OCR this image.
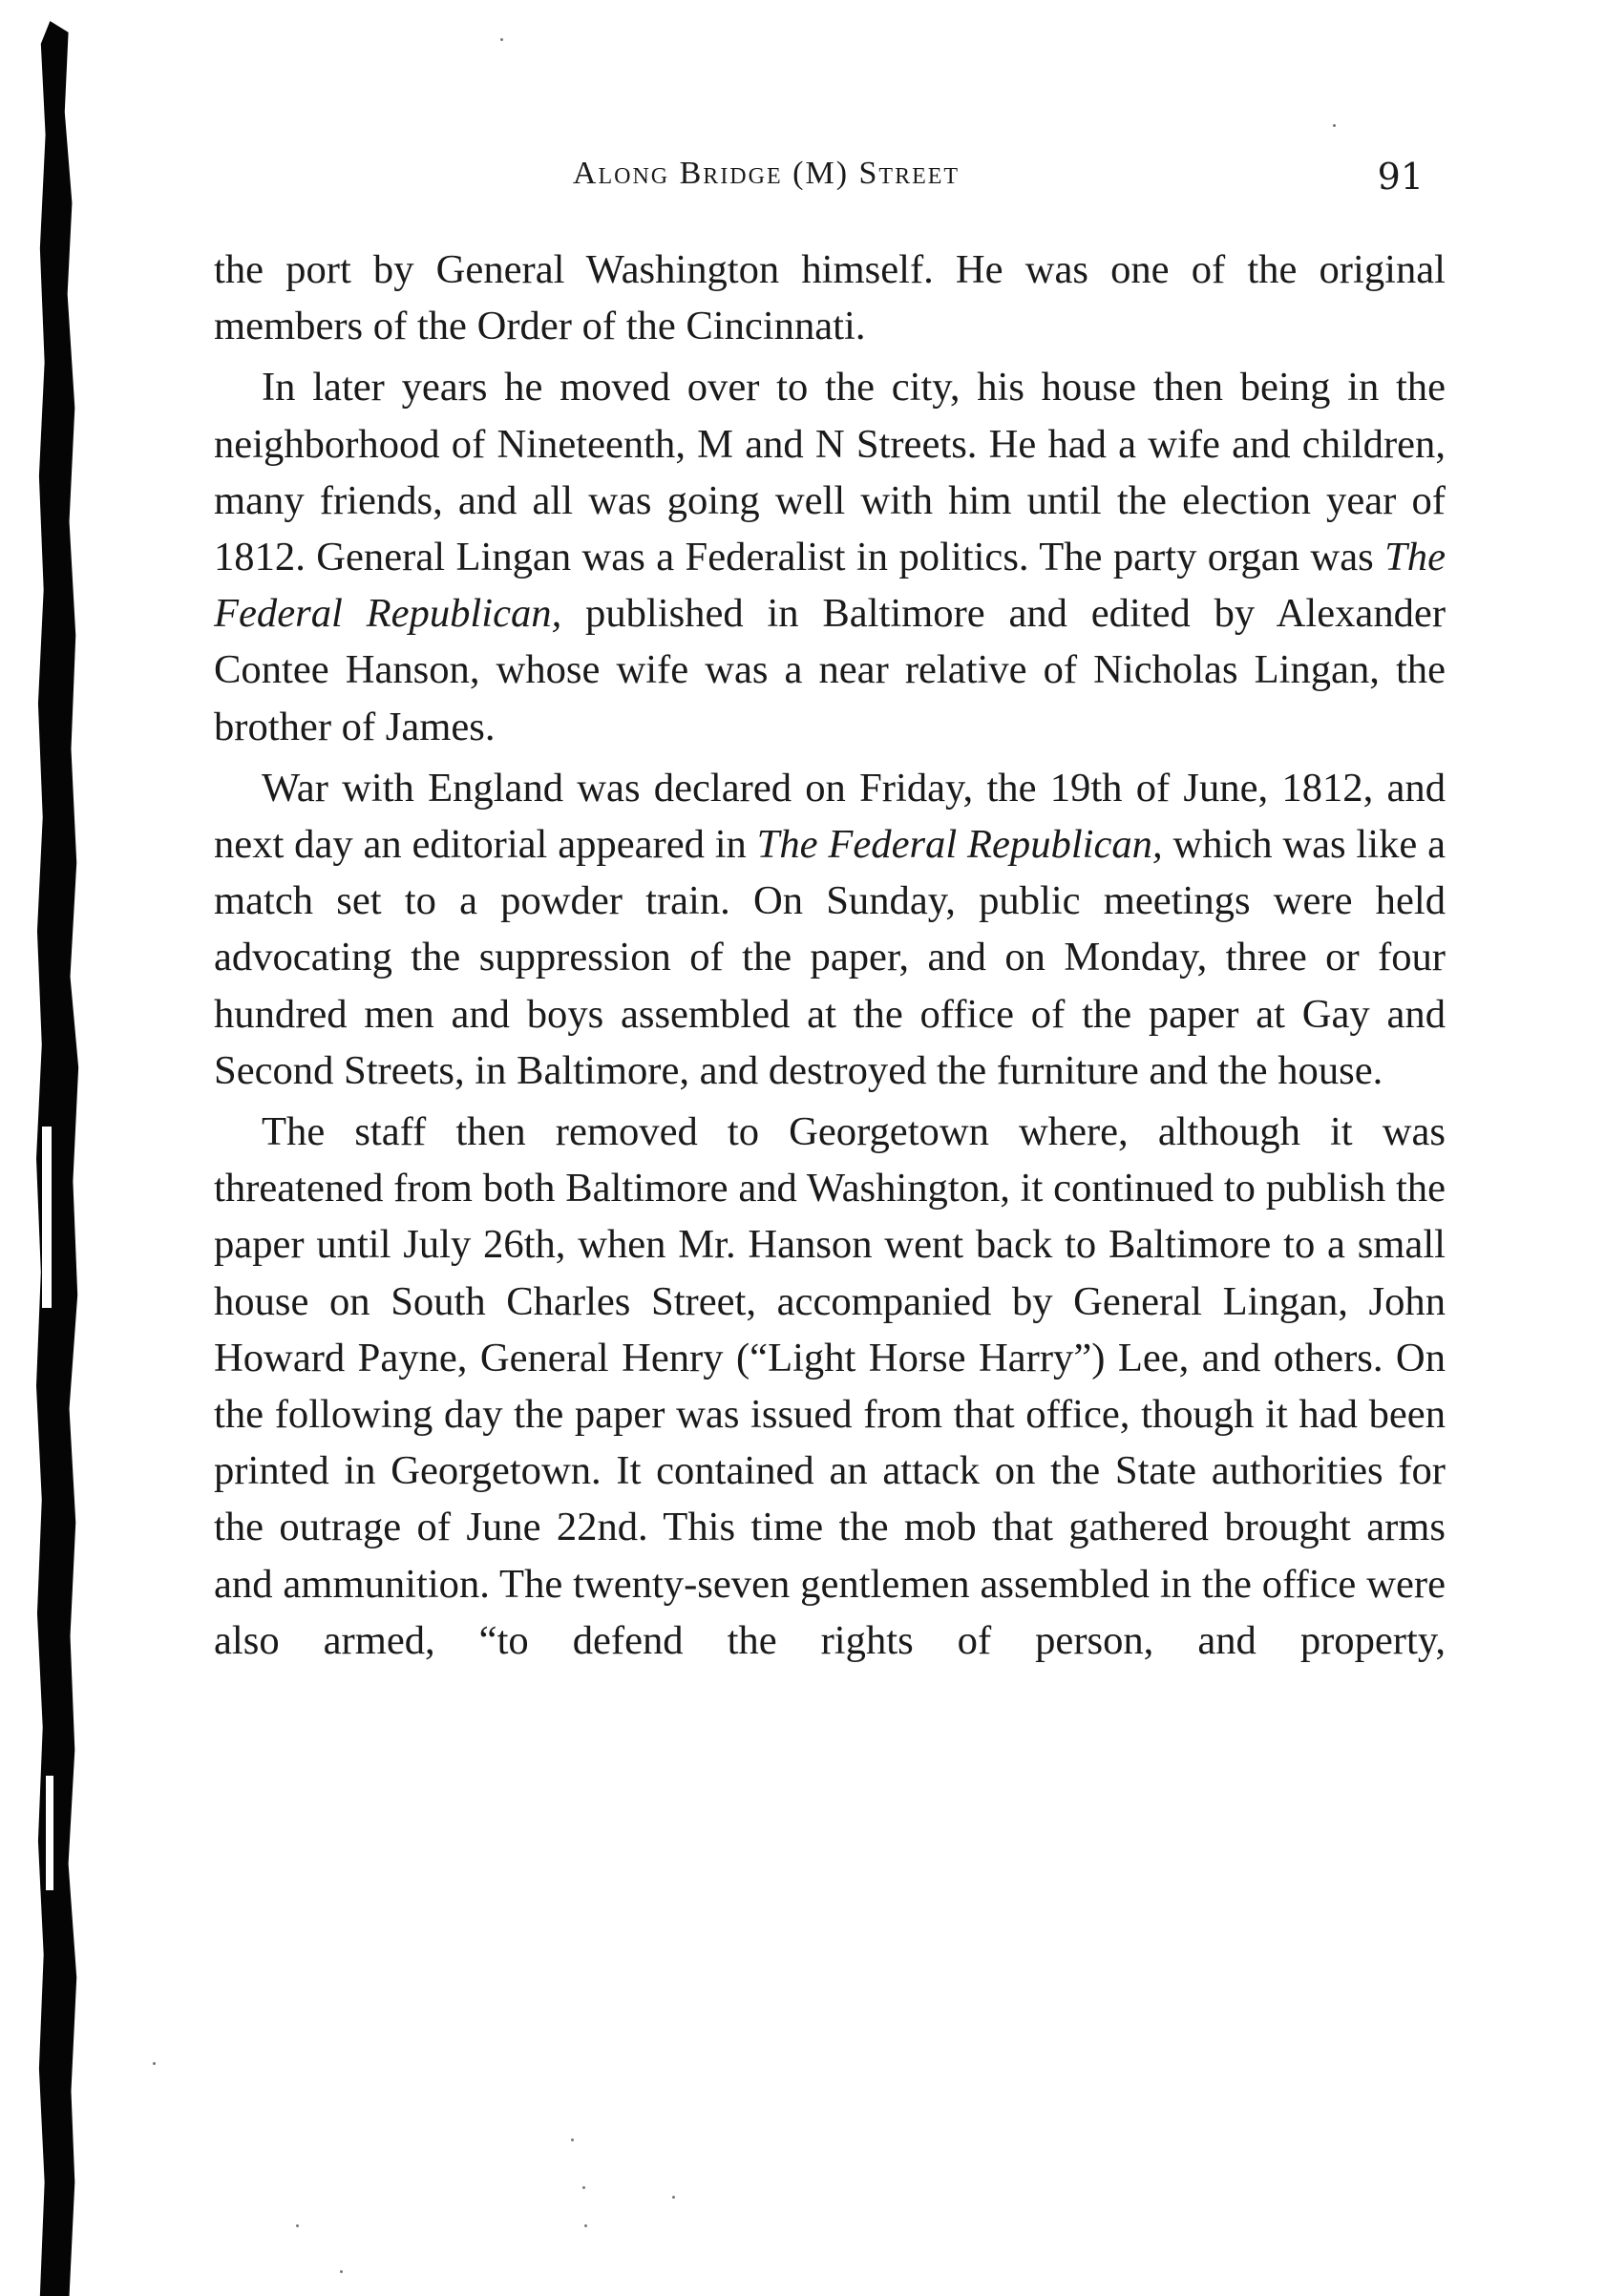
Along Bridge (M) Street	91

the port by General Washington himself. He was one of the original members of the Order of the Cincinnati.

In later years he moved over to the city, his house then being in the neighborhood of Nineteenth, M and N Streets. He had a wife and children, many friends, and all was going well with him until the election year of 1812. General Lingan was a Federalist in politics. The party organ was The Federal Republican, published in Baltimore and edited by Alexander Contee Hanson, whose wife was a near relative of Nicholas Lingan, the brother of James.

War with England was declared on Friday, the 19th of June, 1812, and next day an editorial appeared in The Federal Republican, which was like a match set to a powder train. On Sunday, public meetings were held advocating the suppression of the paper, and on Monday, three or four hundred men and boys assembled at the office of the paper at Gay and Second Streets, in Baltimore, and destroyed the furniture and the house.

The staff then removed to Georgetown where, although it was threatened from both Baltimore and Washington, it continued to publish the paper until July 26th, when Mr. Hanson went back to Baltimore to a small house on South Charles Street, accompanied by General Lingan, John Howard Payne, General Henry (“Light Horse Harry”) Lee, and others. On the following day the paper was issued from that office, though it had been printed in Georgetown. It contained an attack on the State authorities for the outrage of June 22nd. This time the mob that gathered brought arms and ammunition. The twenty-seven gentlemen assembled in the office were also armed, “to defend the rights of person, and property,
